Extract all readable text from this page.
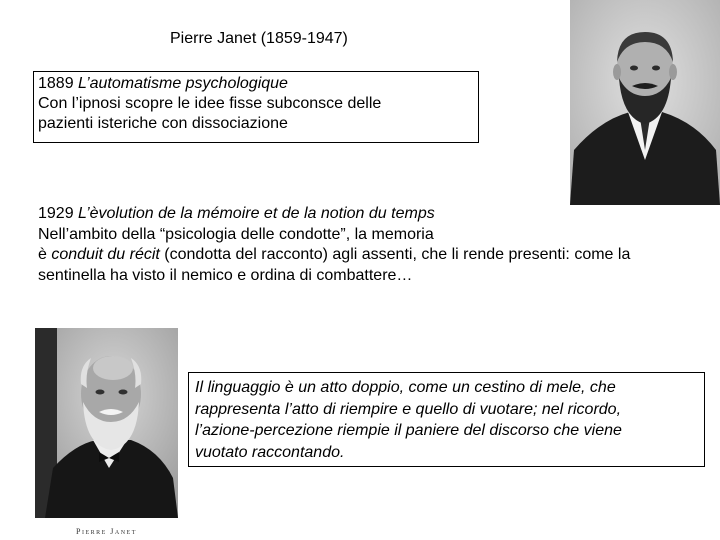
Pierre Janet (1859-1947)
1889 L’automatisme psychologique
Con l’ipnosi scopre le idee fisse subconsce delle
pazienti isteriche con dissociazione
1929 L’èvolution de la mémoire et de la notion du temps
Nell’ambito della “psicologia delle condotte”, la memoria
è conduit du récit (condotta del racconto) agli assenti, che li rende presenti: come la
sentinella ha visto il nemico e ordina di combattere…
Il linguaggio è un atto doppio, come un cestino di mele, che
rappresenta l’atto di riempire e quello di vuotare; nel ricordo,
l’azione-percezione riempie il paniere del discorso che viene
vuotato raccontando.
Pierre Janet
